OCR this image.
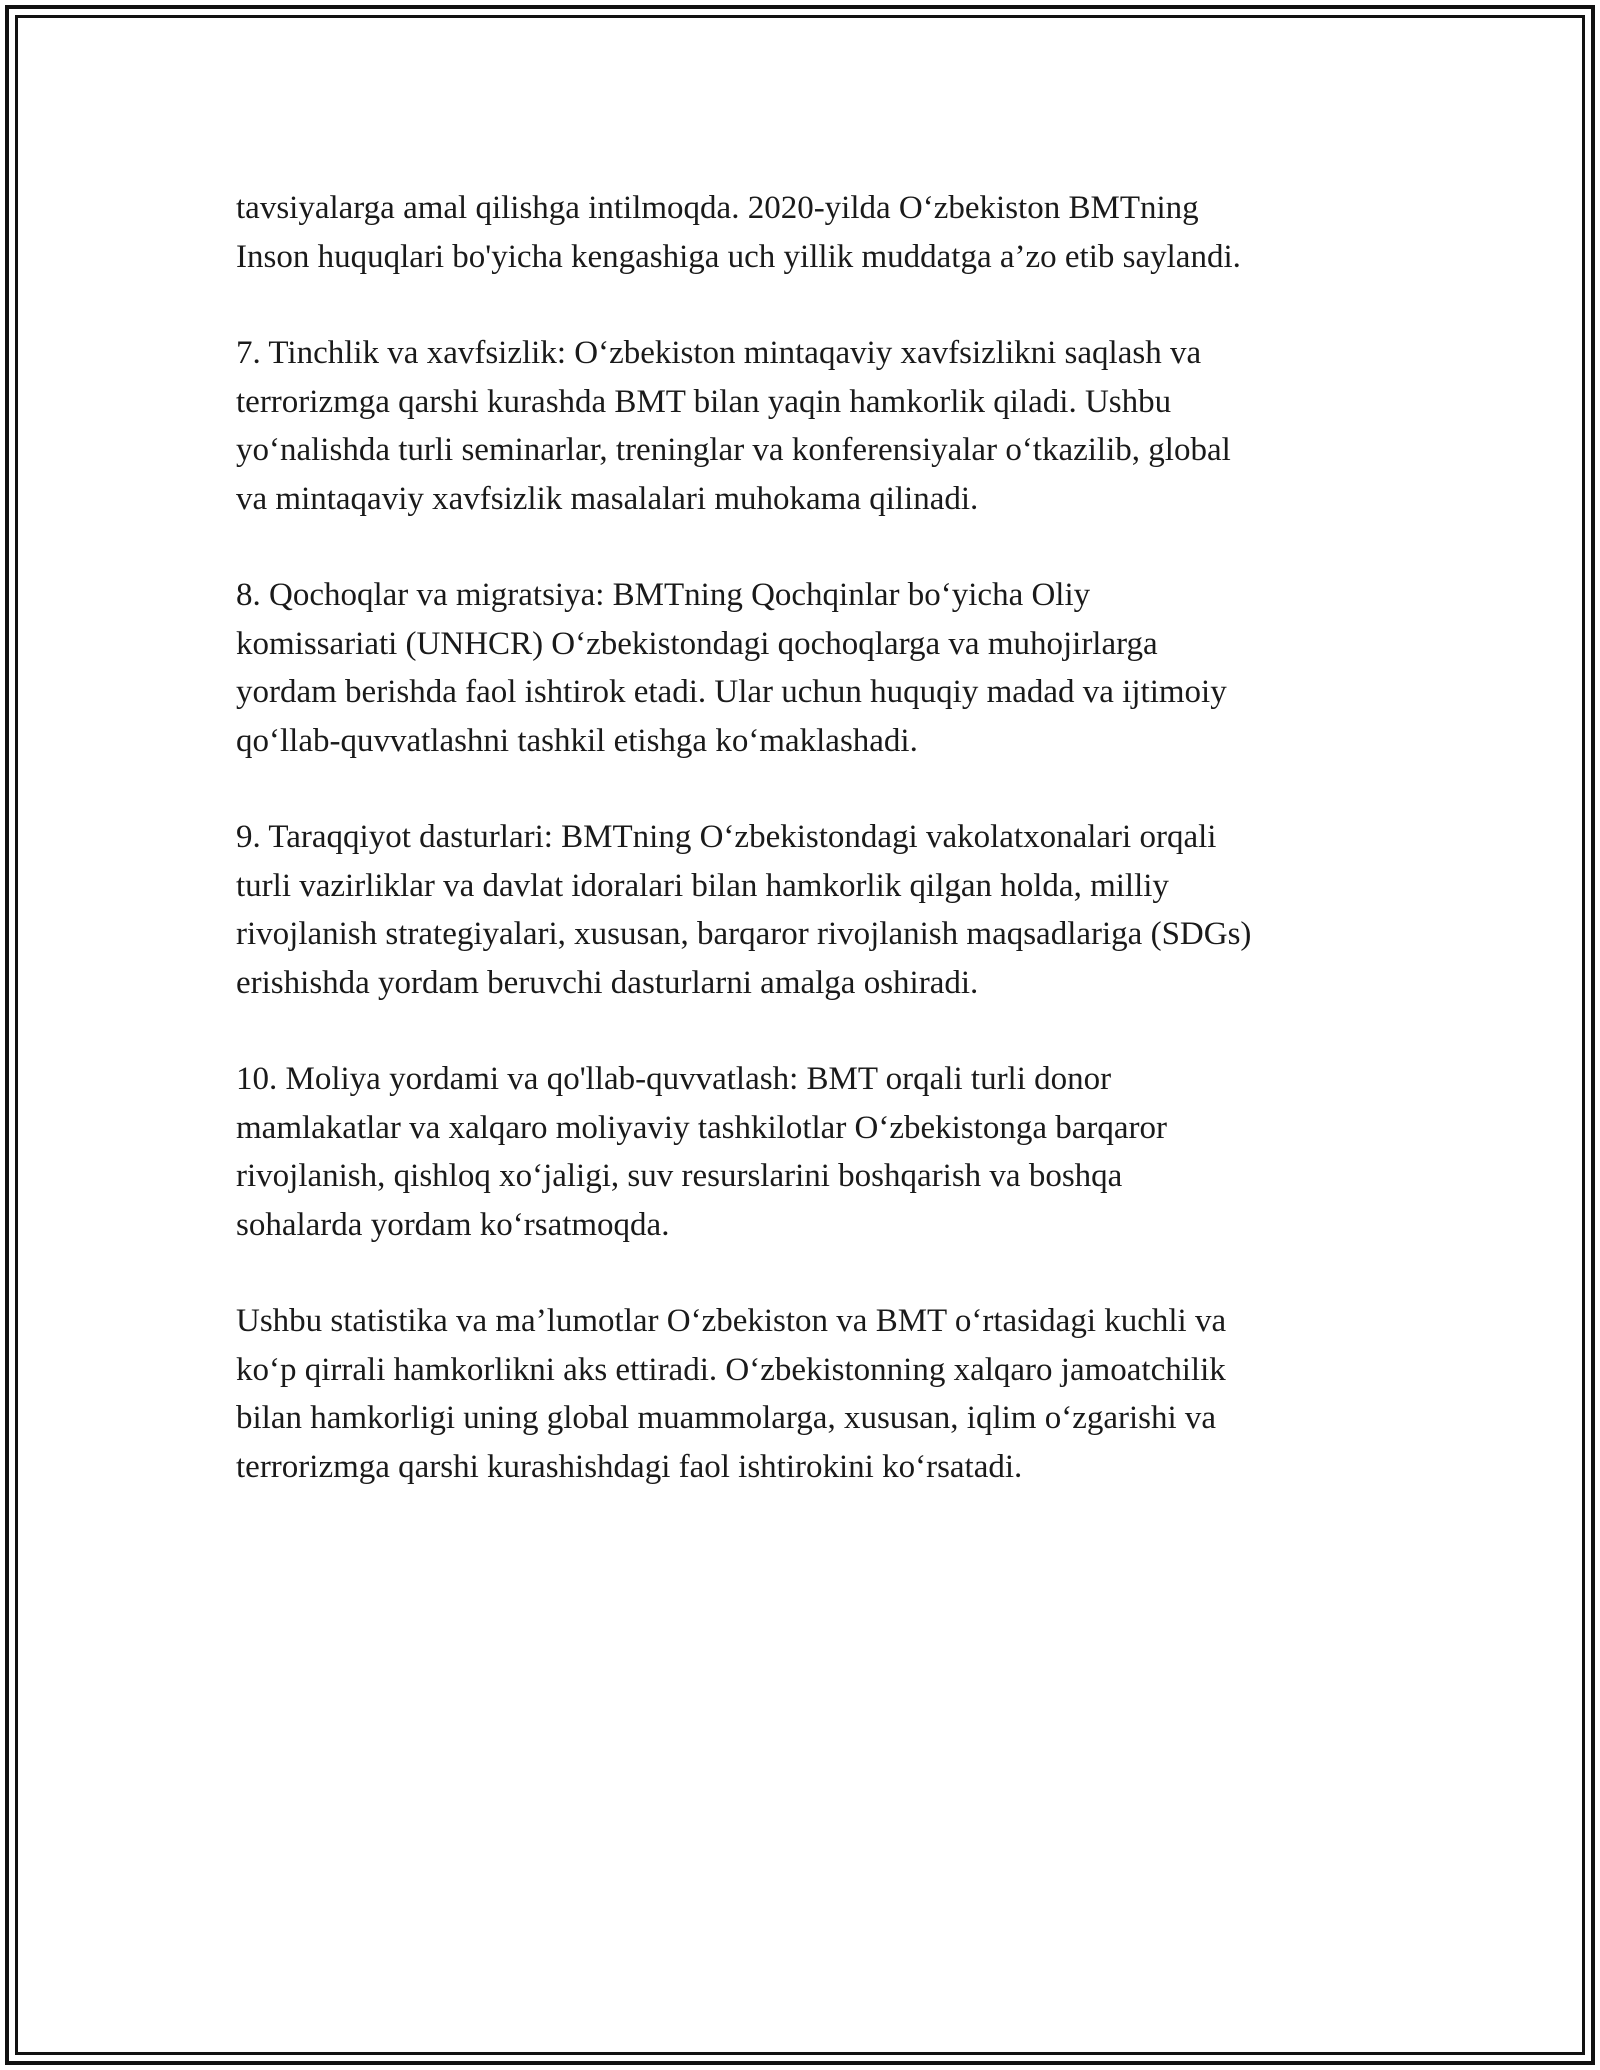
tavsiyalarga amal qilishga intilmoqda. 2020-yilda O‘zbekiston BMTning
Inson huquqlari bo'yicha kengashiga uch yillik muddatga a’zo etib saylandi.

7. Tinchlik va xavfsizlik: O‘zbekiston mintaqaviy xavfsizlikni saqlash va
terrorizmga qarshi kurashda BMT bilan yaqin hamkorlik qiladi. Ushbu
yo‘nalishda turli seminarlar, treninglar va konferensiyalar o‘tkazilib, global
va mintaqaviy xavfsizlik masalalari muhokama qilinadi.

8. Qochoqlar va migratsiya: BMTning Qochqinlar bo‘yicha Oliy
komissariati (UNHCR) O‘zbekistondagi qochoqlarga va muhojirlarga
yordam berishda faol ishtirok etadi. Ular uchun huquqiy madad va ijtimoiy
qo‘llab-quvvatlashni tashkil etishga ko‘maklashadi.

9. Taraqqiyot dasturlari: BMTning O‘zbekistondagi vakolatxonalari orqali
turli vazirliklar va davlat idoralari bilan hamkorlik qilgan holda, milliy
rivojlanish strategiyalari, xususan, barqaror rivojlanish maqsadlariga (SDGs)
erishishda yordam beruvchi dasturlarni amalga oshiradi.

10. Moliya yordami va qo'llab-quvvatlash: BMT orqali turli donor
mamlakatlar va xalqaro moliyaviy tashkilotlar O‘zbekistonga barqaror
rivojlanish, qishloq xo‘jaligi, suv resurslarini boshqarish va boshqa
sohalarda yordam ko‘rsatmoqda.

Ushbu statistika va ma’lumotlar O‘zbekiston va BMT o‘rtasidagi kuchli va
ko‘p qirrali hamkorlikni aks ettiradi. O‘zbekistonning xalqaro jamoatchilik
bilan hamkorligi uning global muammolarga, xususan, iqlim o‘zgarishi va
terrorizmga qarshi kurashishdagi faol ishtirokini ko‘rsatadi.
